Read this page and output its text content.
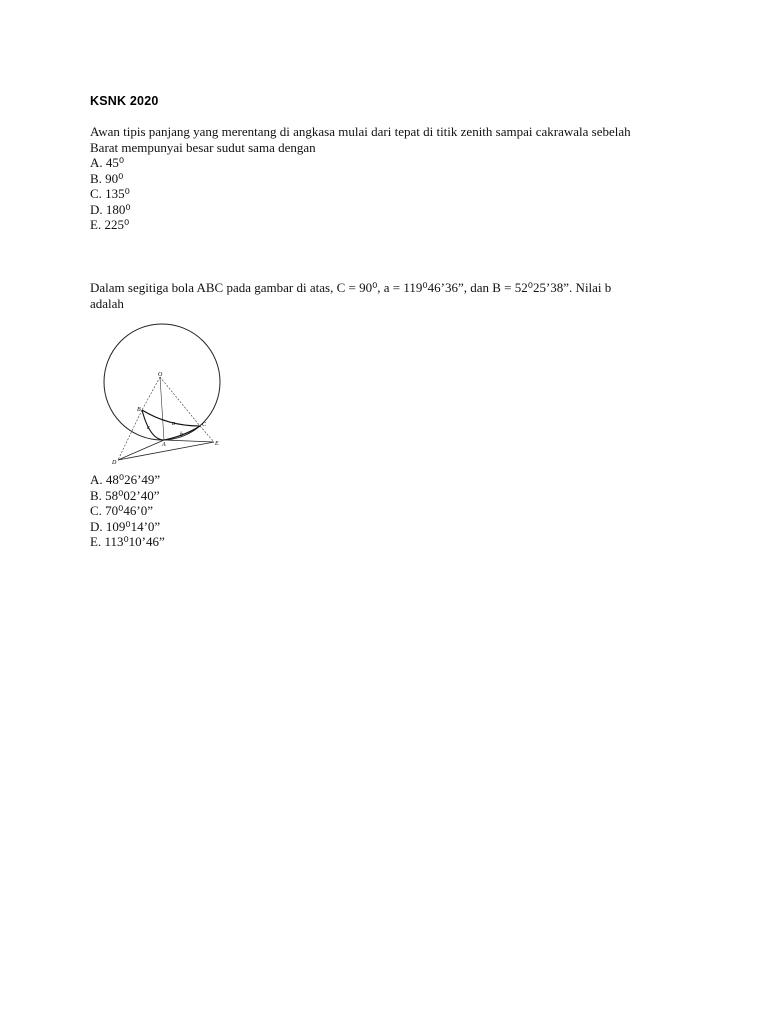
KSNK 2020
Awan tipis panjang yang merentang di angkasa mulai dari tepat di titik zenith sampai cakrawala sebelah
Barat mempunyai besar sudut sama dengan
A. 45⁰
B. 90⁰
C. 135⁰
D. 180⁰
E. 225⁰
Dalam segitiga bola ABC pada gambar di atas, C = 90⁰, a = 119⁰46’36”, dan B = 52⁰25’38”. Nilai b
adalah
O
B
C
A
D
E
a
b
c
A. 48⁰26’49”
B. 58⁰02’40”
C. 70⁰46’0”
D. 109⁰14’0”
E. 113⁰10’46”
